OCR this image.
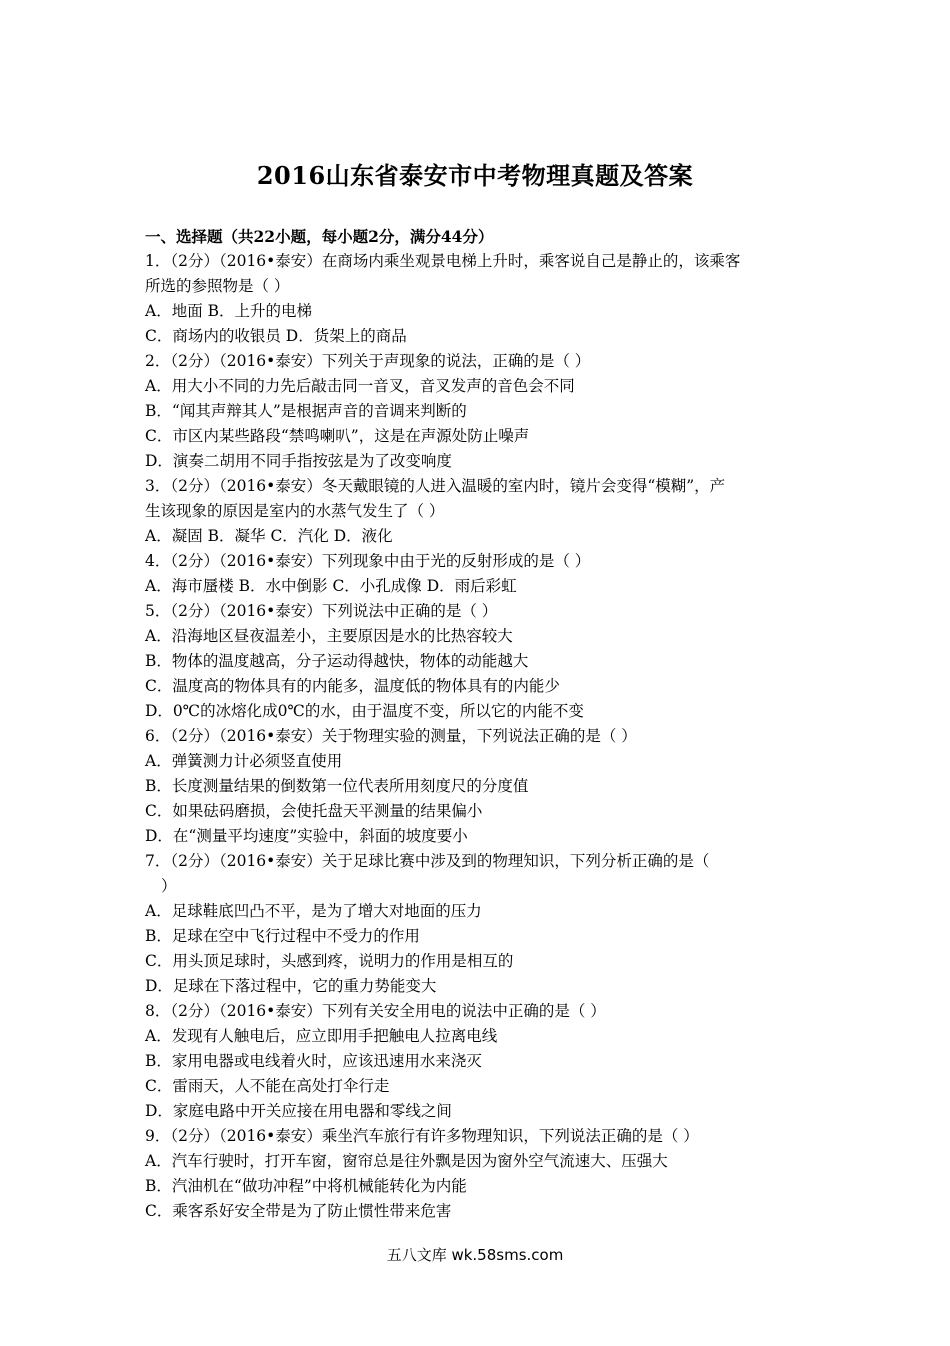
2016山东省泰安市中考物理真题及答案
一、选择题（共22小题，每小题2分，满分44分）
1．（2分）（2016•泰安）在商场内乘坐观景电梯上升时，乘客说自己是静止的，该乘客
所选的参照物是（ ）
A．地面 B．上升的电梯
C．商场内的收银员 D．货架上的商品
2．（2分）（2016•泰安）下列关于声现象的说法，正确的是（ ）
A．用大小不同的力先后敲击同一音叉，音叉发声的音色会不同
B．“闻其声辩其人”是根据声音的音调来判断的
C．市区内某些路段“禁鸣喇叭”，这是在声源处防止噪声
D．演奏二胡用不同手指按弦是为了改变响度
3．（2分）（2016•泰安）冬天戴眼镜的人进入温暖的室内时，镜片会变得“模糊”，产
生该现象的原因是室内的水蒸气发生了（ ）
A．凝固 B．凝华 C．汽化 D．液化
4．（2分）（2016•泰安）下列现象中由于光的反射形成的是（ ）
A．海市蜃楼 B．水中倒影 C．小孔成像 D．雨后彩虹
5．（2分）（2016•泰安）下列说法中正确的是（ ）
A．沿海地区昼夜温差小，主要原因是水的比热容较大
B．物体的温度越高，分子运动得越快，物体的动能越大
C．温度高的物体具有的内能多，温度低的物体具有的内能少
D．0℃的冰熔化成0℃的水，由于温度不变，所以它的内能不变
6．（2分）（2016•泰安）关于物理实验的测量，下列说法正确的是（ ）
A．弹簧测力计必须竖直使用
B．长度测量结果的倒数第一位代表所用刻度尺的分度值
C．如果砝码磨损，会使托盘天平测量的结果偏小
D．在“测量平均速度”实验中，斜面的坡度要小
7．（2分）（2016•泰安）关于足球比赛中涉及到的物理知识，下列分析正确的是（
）
A．足球鞋底凹凸不平，是为了增大对地面的压力
B．足球在空中飞行过程中不受力的作用
C．用头顶足球时，头感到疼，说明力的作用是相互的
D．足球在下落过程中，它的重力势能变大
8．（2分）（2016•泰安）下列有关安全用电的说法中正确的是（ ）
A．发现有人触电后，应立即用手把触电人拉离电线
B．家用电器或电线着火时，应该迅速用水来浇灭
C．雷雨天，人不能在高处打伞行走
D．家庭电路中开关应接在用电器和零线之间
9．（2分）（2016•泰安）乘坐汽车旅行有许多物理知识，下列说法正确的是（ ）
A．汽车行驶时，打开车窗，窗帘总是往外飘是因为窗外空气流速大、压强大
B．汽油机在“做功冲程”中将机械能转化为内能
C．乘客系好安全带是为了防止惯性带来危害
五八文库 wk.58sms.com
